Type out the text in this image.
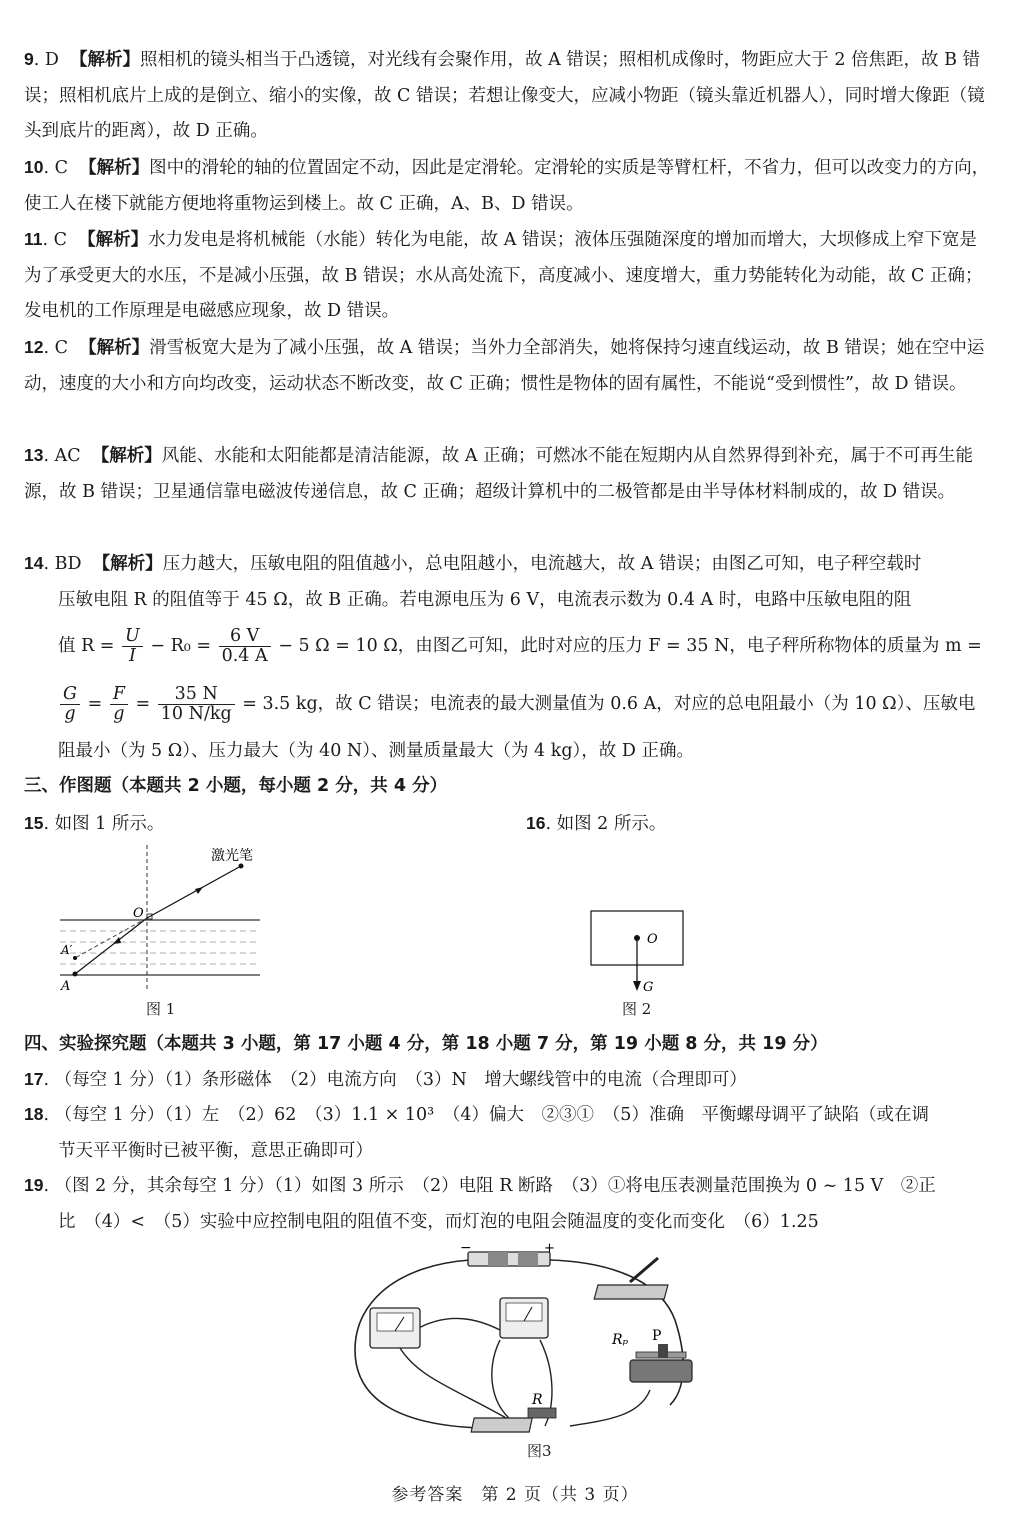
9. D 【解析】照相机的镜头相当于凸透镜，对光线有会聚作用，故 A 错误；照相机成像时，物距应大于 2 倍焦距，故 B 错误；照相机底片上成的是倒立、缩小的实像，故 C 错误；若想让像变大，应减小物距（镜头靠近机器人），同时增大像距（镜头到底片的距离），故 D 正确。
10. C 【解析】图中的滑轮的轴的位置固定不动，因此是定滑轮。定滑轮的实质是等臂杠杆，不省力，但可以改变力的方向，使工人在楼下就能方便地将重物运到楼上。故 C 正确，A、B、D 错误。
11. C 【解析】水力发电是将机械能（水能）转化为电能，故 A 错误；液体压强随深度的增加而增大，大坝修成上窄下宽是为了承受更大的水压，不是减小压强，故 B 错误；水从高处流下，高度减小、速度增大，重力势能转化为动能，故 C 正确；发电机的工作原理是电磁感应现象，故 D 错误。
12. C 【解析】滑雪板宽大是为了减小压强，故 A 错误；当外力全部消失，她将保持匀速直线运动，故 B 错误；她在空中运动，速度的大小和方向均改变，运动状态不断改变，故 C 正确；惯性是物体的固有属性，不能说“受到惯性”，故 D 错误。
13. AC 【解析】风能、水能和太阳能都是清洁能源，故 A 正确；可燃冰不能在短期内从自然界得到补充，属于不可再生能源，故 B 错误；卫星通信靠电磁波传递信息，故 C 正确；超级计算机中的二极管都是由半导体材料制成的，故 D 错误。
14. BD 【解析】压力越大，压敏电阻的阻值越小，总电阻越小，电流越大，故 A 错误；由图乙可知，电子秤空载时
压敏电阻 R 的阻值等于 45 Ω，故 B 正确。若电源电压为 6 V，电流表示数为 0.4 A 时，电路中压敏电阻的阻
值 $R = \frac{U}{I} - R_0 = \frac{6 V}{0.4 A} - 5$ Ω = 10 Ω，由图乙可知，此时对应的压力 F = 35 N，电子秤所称物体的质量为 m =
$\frac{G}{g} = \frac{F}{g} = \frac{35 N}{10 N/kg} = 3.5$ kg，故 C 错误；电流表的最大测量值为 0.6 A，对应的总电阻最小（为 10 Ω）、压敏电
阻最小（为 5 Ω）、压力最大（为 40 N）、测量质量最大（为 4 kg），故 D 正确。
三、作图题（本题共 2 小题，每小题 2 分，共 4 分）
15. 如图 1 所示。	16. 如图 2 所示。
激光笔
O
A′
A
图 1
O
G
图 2
四、实验探究题（本题共 3 小题，第 17 小题 4 分，第 18 小题 7 分，第 19 小题 8 分，共 19 分）
17. （每空 1 分）（1）条形磁体　（2）电流方向　（3）N　增大螺线管中的电流（合理即可）
18. （每空 1 分）（1）左　（2）62　（3）1.1 × 10³　（4）偏大　②③①　（5）准确　平衡螺母调平了缺陷（或在调
节天平平衡时已被平衡，意思正确即可）
19. （图 2 分，其余每空 1 分）（1）如图 3 所示　（2）电阻 R 断路　（3）①将电压表测量范围换为 0 ~ 15 V　②正
比　（4）<　（5）实验中应控制电阻的阻值不变，而灯泡的电阻会随温度的变化而变化　（6）1.25
−	+
Rₚ P
R
图3
参考答案　第 2 页（共 3 页）
